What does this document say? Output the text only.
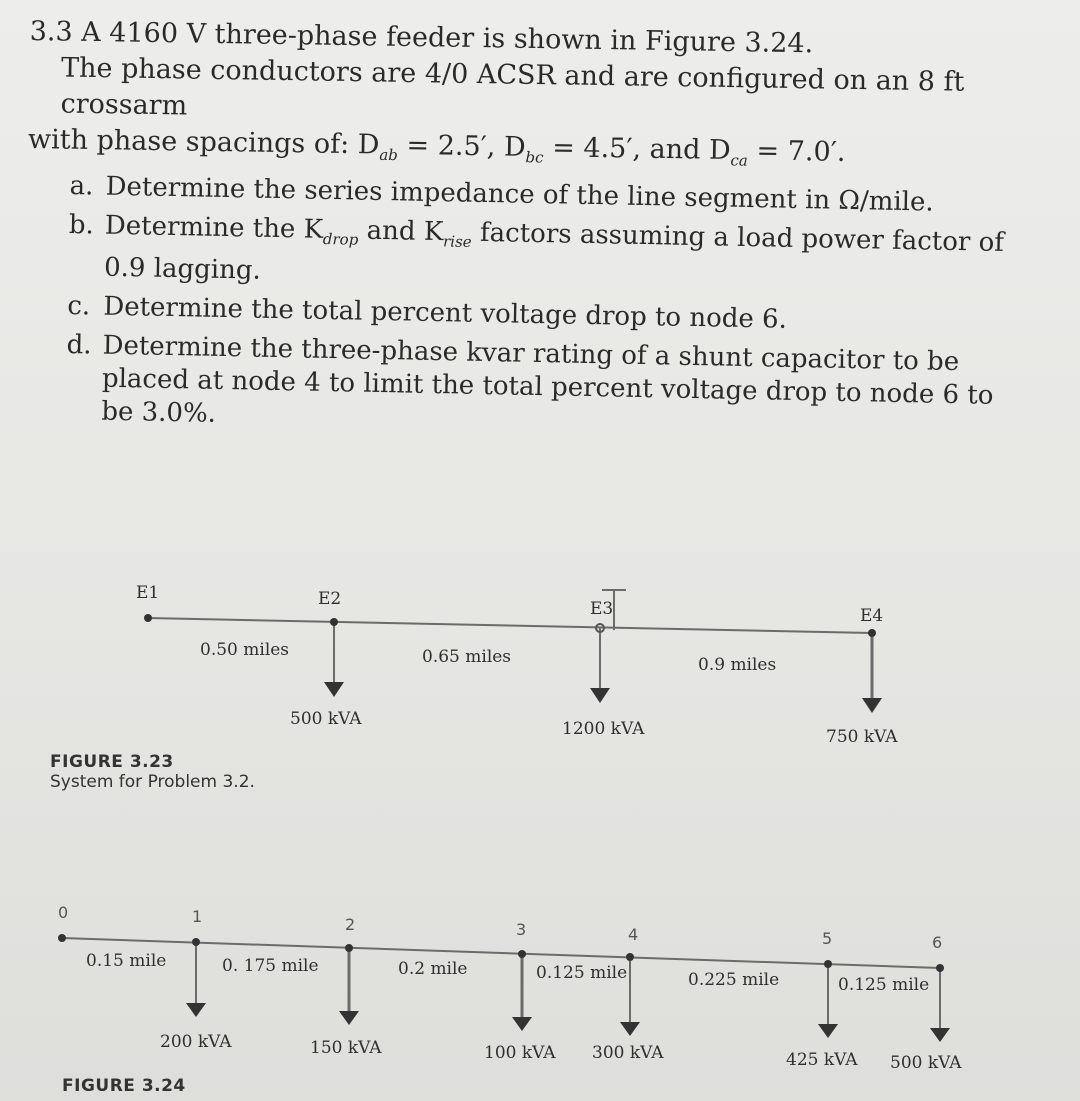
3.3 A 4160 V three-phase feeder is shown in Figure 3.24.

The phase conductors are 4/0 ACSR and are configured on an 8 ft crossarm

with phase spacings of: $D_{ab} = 2.5'$, $D_{bc} = 4.5'$, and $D_{ca} = 7.0'$.

a. Determine the series impedance of the line segment in Ω/mile.
b. Determine the $K_{drop}$ and $K_{rise}$ factors assuming a load power factor of 0.9 lagging.
c. Determine the total percent voltage drop to node 6.
d. Determine the three-phase kvar rating of a shunt capacitor to be placed at node 4 to limit the total percent voltage drop to node 6 to be 3.0%.
E1	E2	E3	E4
0.50 miles	0.65 miles	0.9 miles
500 kVA	1200 kVA	750 kVA
0	1	2	3	4	5	6
0.15 mile	0. 175 mile	0.2 mile	0.125 mile	0.225 mile	0.125 mile
200 kVA	150 kVA	100 kVA 300 kVA	425 kVA 500 kVA
FIGURE 3.23
System for Problem 3.2.
FIGURE 3.24
